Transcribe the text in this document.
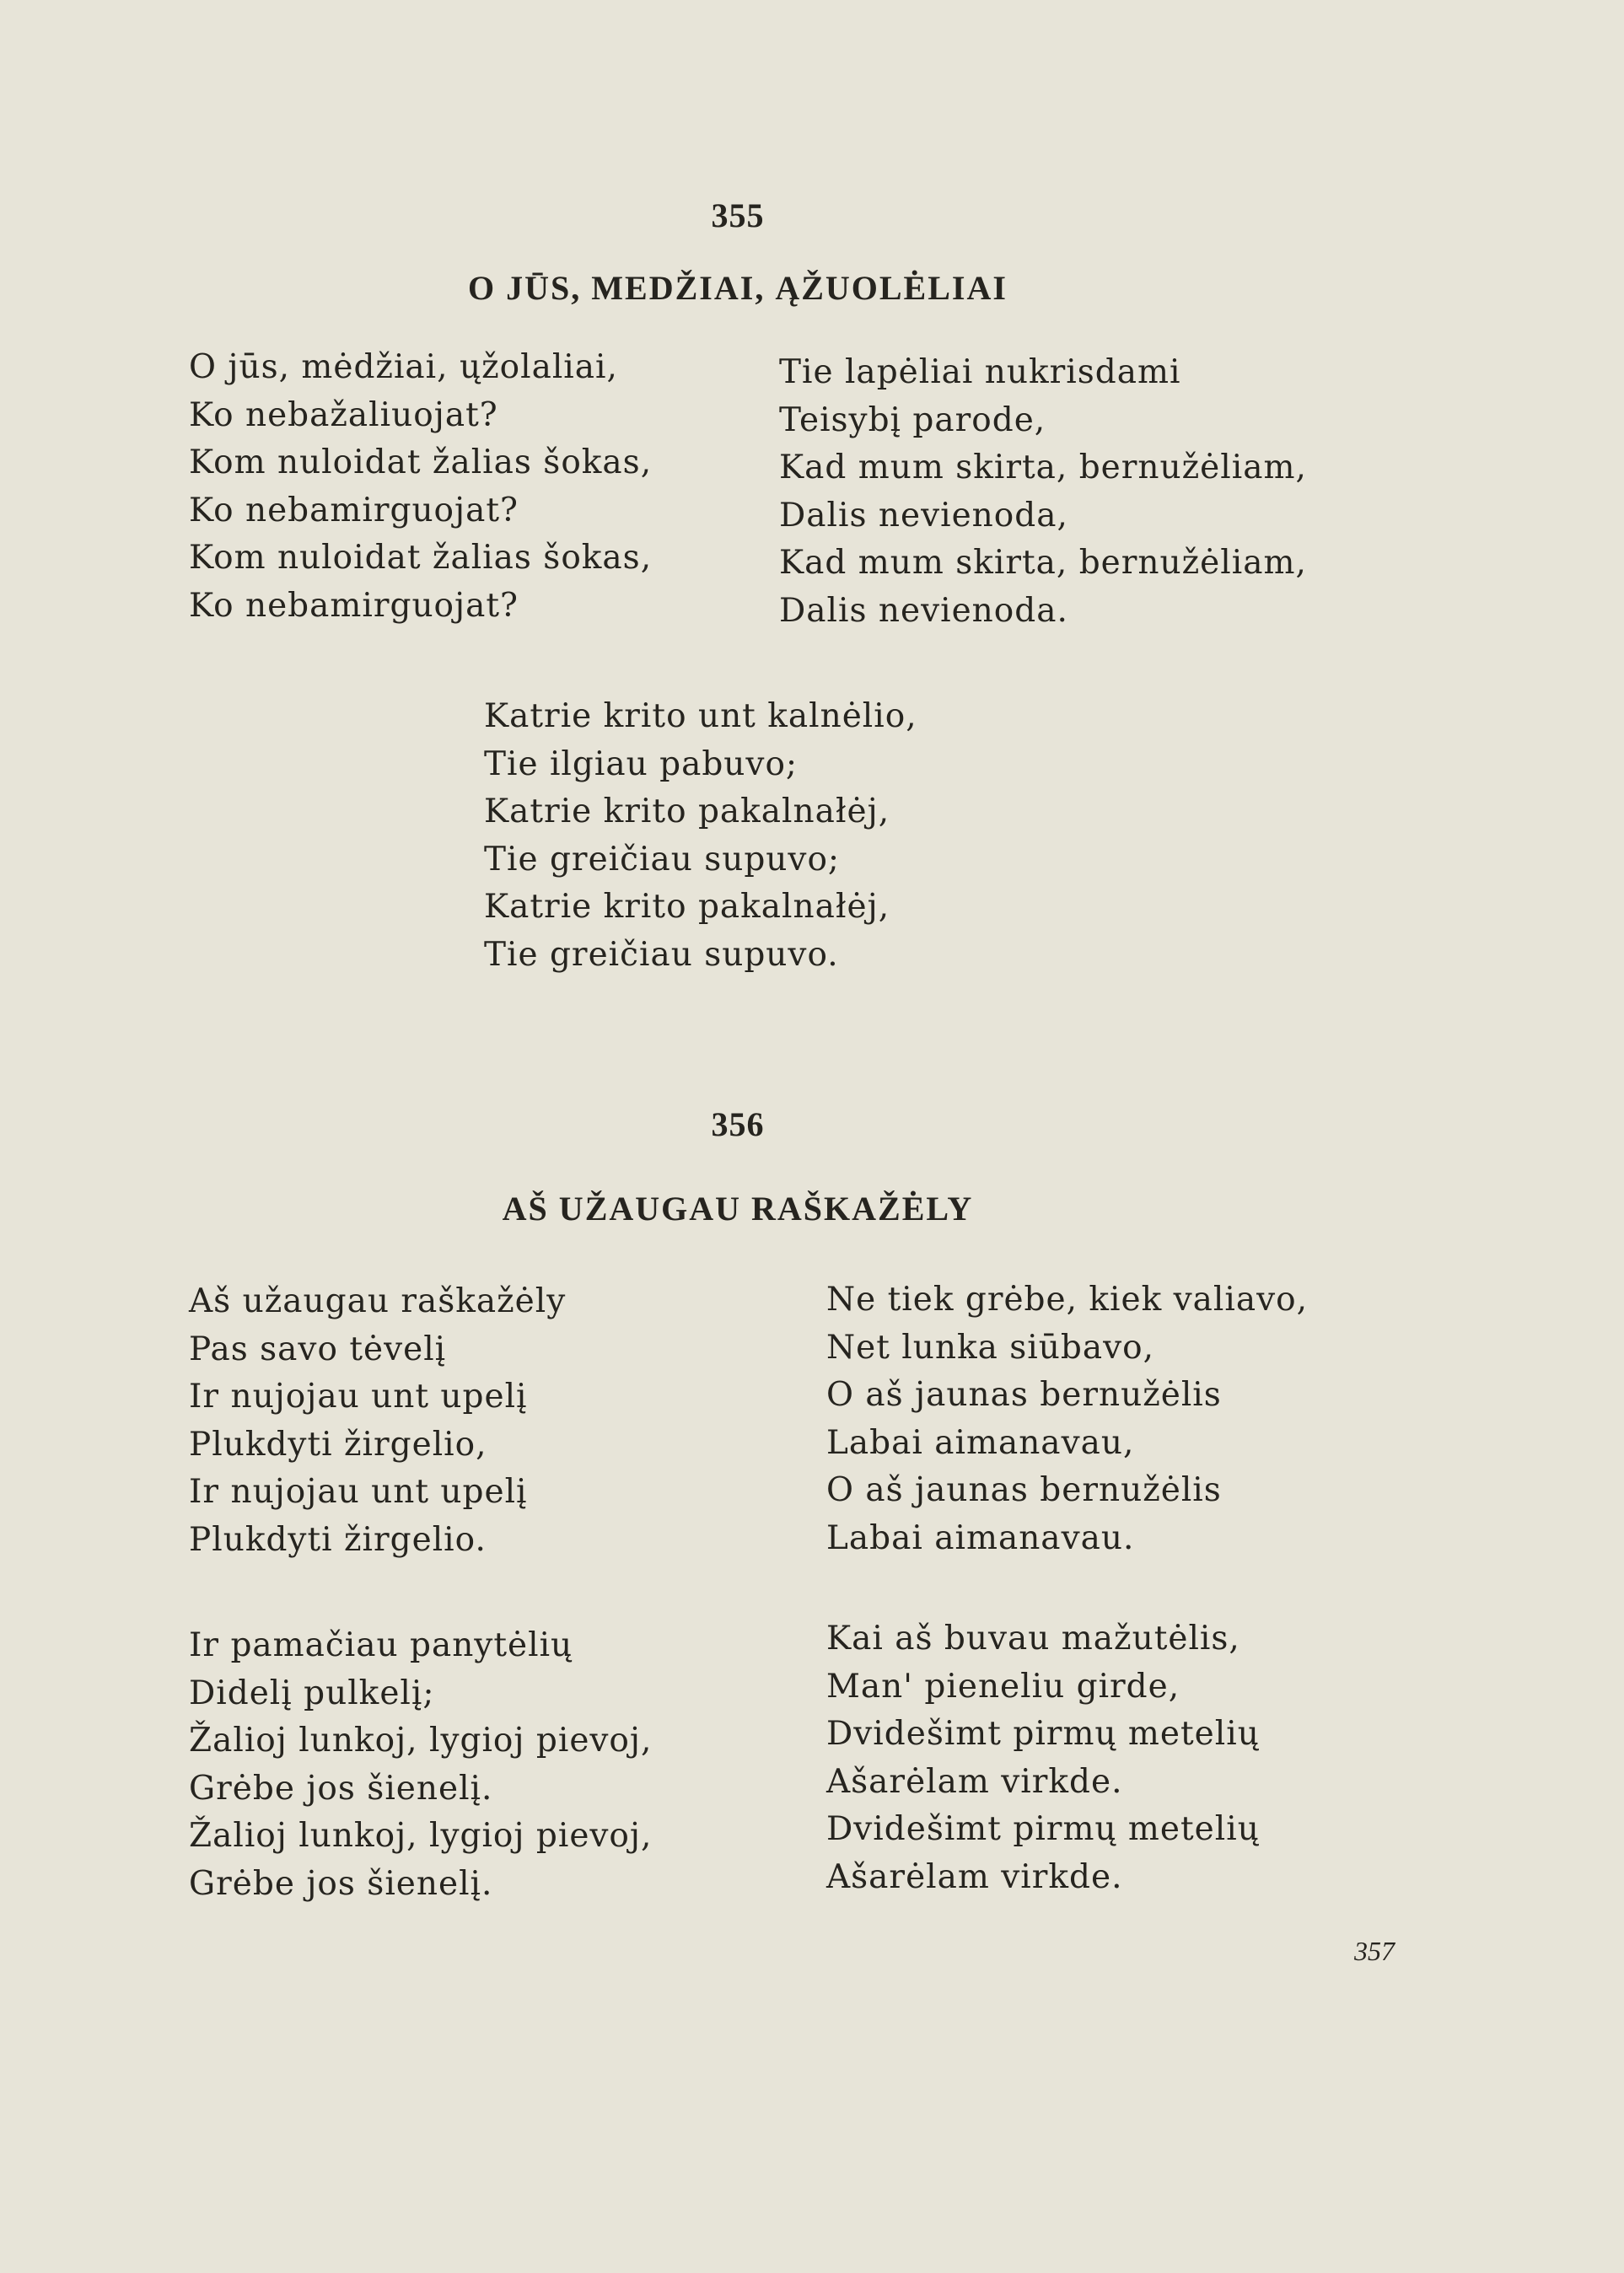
355
O JŪS, MEDŽIAI, ĄŽUOLĖLIAI
O jūs, mėdžiai, ųžolaliai,
Ko nebažaliuojat?
Kom nuloidat žalias šokas,
Ko nebamirguojat?
Kom nuloidat žalias šokas,
Ko nebamirguojat?
Tie lapėliai nukrisdami
Teisybį parode,
Kad mum skirta, bernužėliam,
Dalis nevienoda,
Kad mum skirta, bernužėliam,
Dalis nevienoda.
Katrie krito unt kalnėlio,
Tie ilgiau pabuvo;
Katrie krito pakalnałėj,
Tie greičiau supuvo;
Katrie krito pakalnałėj,
Tie greičiau supuvo.
356
AŠ UŽAUGAU RAŠKAŽĖLY
Aš užaugau raškažėly
Pas savo tėvelį
Ir nujojau unt upelį
Plukdyti žirgelio,
Ir nujojau unt upelį
Plukdyti žirgelio.
Ne tiek grėbe, kiek valiavo,
Net lunka siūbavo,
O aš jaunas bernužėlis
Labai aimanavau,
O aš jaunas bernužėlis
Labai aimanavau.
Ir pamačiau panytėlių
Didelį pulkelį;
Žalioj lunkoj, lygioj pievoj,
Grėbe jos šienelį.
Žalioj lunkoj, lygioj pievoj,
Grėbe jos šienelį.
Kai aš buvau mažutėlis,
Man' pieneliu girde,
Dvidešimt pirmų metelių
Ašarėlam virkde.
Dvidešimt pirmų metelių
Ašarėlam virkde.
357
